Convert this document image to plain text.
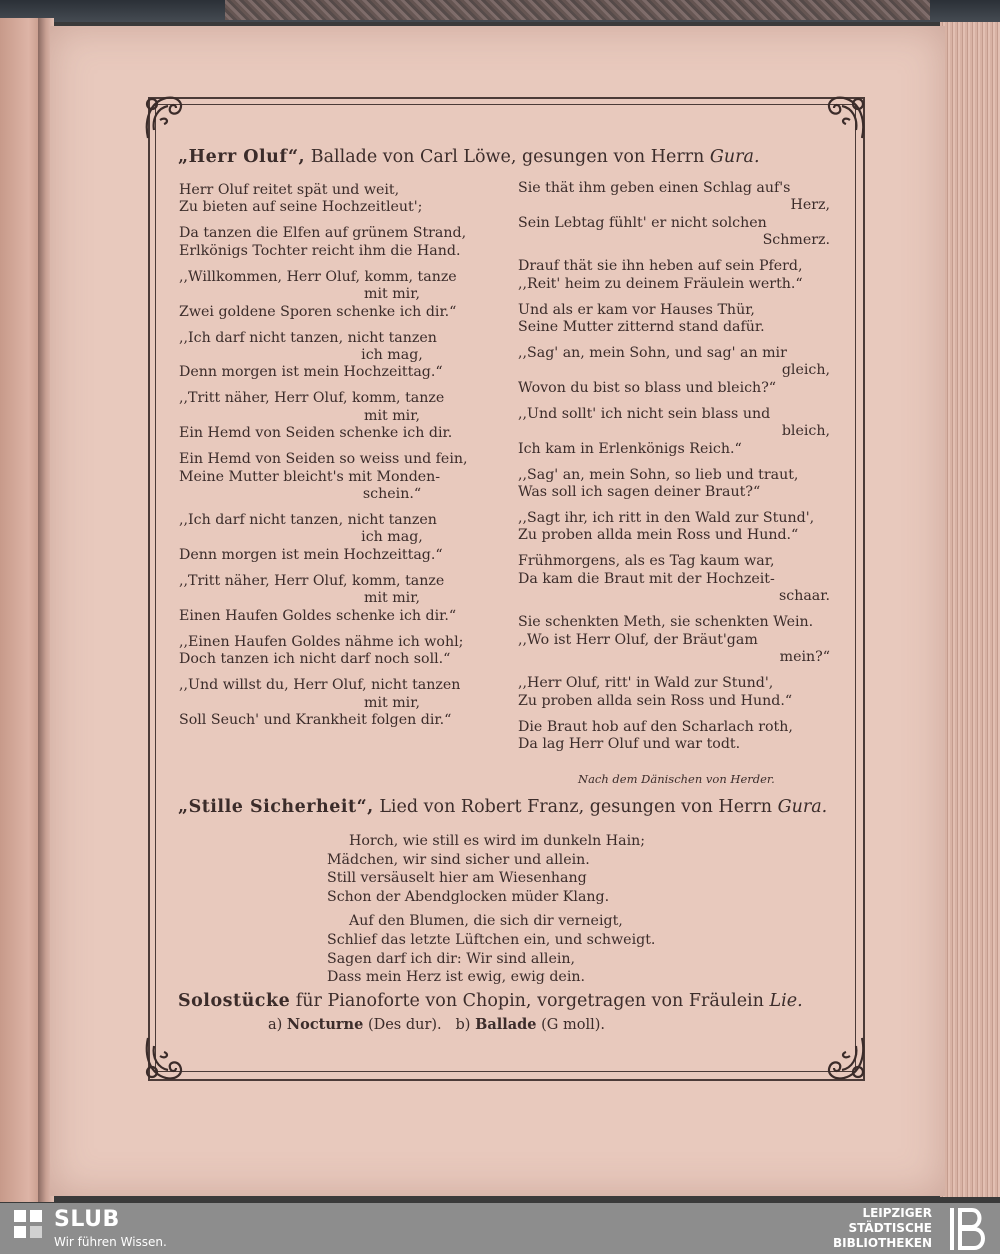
„Herr Oluf“, Ballade von Carl Löwe, gesungen von Herrn Gura.
Herr Oluf reitet spät und weit,
Zu bieten auf seine Hochzeitleut';
Da tanzen die Elfen auf grünem Strand,
Erlkönigs Tochter reicht ihm die Hand.
,,Willkommen, Herr Oluf, komm, tanze
mit mir,
Zwei goldene Sporen schenke ich dir.“
,,Ich darf nicht tanzen, nicht tanzen
ich mag,
Denn morgen ist mein Hochzeittag.“
,,Tritt näher, Herr Oluf, komm, tanze
mit mir,
Ein Hemd von Seiden schenke ich dir.
Ein Hemd von Seiden so weiss und fein,
Meine Mutter bleicht's mit Monden-
schein.“
,,Ich darf nicht tanzen, nicht tanzen
ich mag,
Denn morgen ist mein Hochzeittag.“
,,Tritt näher, Herr Oluf, komm, tanze
mit mir,
Einen Haufen Goldes schenke ich dir.“
,,Einen Haufen Goldes nähme ich wohl;
Doch tanzen ich nicht darf noch soll.“
,,Und willst du, Herr Oluf, nicht tanzen
mit mir,
Soll Seuch' und Krankheit folgen dir.“
Sie thät ihm geben einen Schlag auf's
Herz,
Sein Lebtag fühlt' er nicht solchen
Schmerz.
Drauf thät sie ihn heben auf sein Pferd,
,,Reit' heim zu deinem Fräulein werth.“
Und als er kam vor Hauses Thür,
Seine Mutter zitternd stand dafür.
,,Sag' an, mein Sohn, und sag' an mir
gleich,
Wovon du bist so blass und bleich?“
,,Und sollt' ich nicht sein blass und
bleich,
Ich kam in Erlenkönigs Reich.“
,,Sag' an, mein Sohn, so lieb und traut,
Was soll ich sagen deiner Braut?“
,,Sagt ihr, ich ritt in den Wald zur Stund',
Zu proben allda mein Ross und Hund.“
Frühmorgens, als es Tag kaum war,
Da kam die Braut mit der Hochzeit-
schaar.
Sie schenkten Meth, sie schenkten Wein.
,,Wo ist Herr Oluf, der Bräut'gam
mein?“
,,Herr Oluf, ritt' in Wald zur Stund',
Zu proben allda sein Ross und Hund.“
Die Braut hob auf den Scharlach roth,
Da lag Herr Oluf und war todt.
Nach dem Dänischen von Herder.
„Stille Sicherheit“, Lied von Robert Franz, gesungen von Herrn Gura.
Horch, wie still es wird im dunkeln Hain;
Mädchen, wir sind sicher und allein.
Still versäuselt hier am Wiesenhang
Schon der Abendglocken müder Klang.
Auf den Blumen, die sich dir verneigt,
Schlief das letzte Lüftchen ein, und schweigt.
Sagen darf ich dir: Wir sind allein,
Dass mein Herz ist ewig, ewig dein.
Solostücke für Pianoforte von Chopin, vorgetragen von Fräulein Lie.
a) Nocturne (Des dur). b) Ballade (G moll).
SLUB
Wir führen Wissen.
LEIPZIGER
STÄDTISCHE
BIBLIOTHEKEN
